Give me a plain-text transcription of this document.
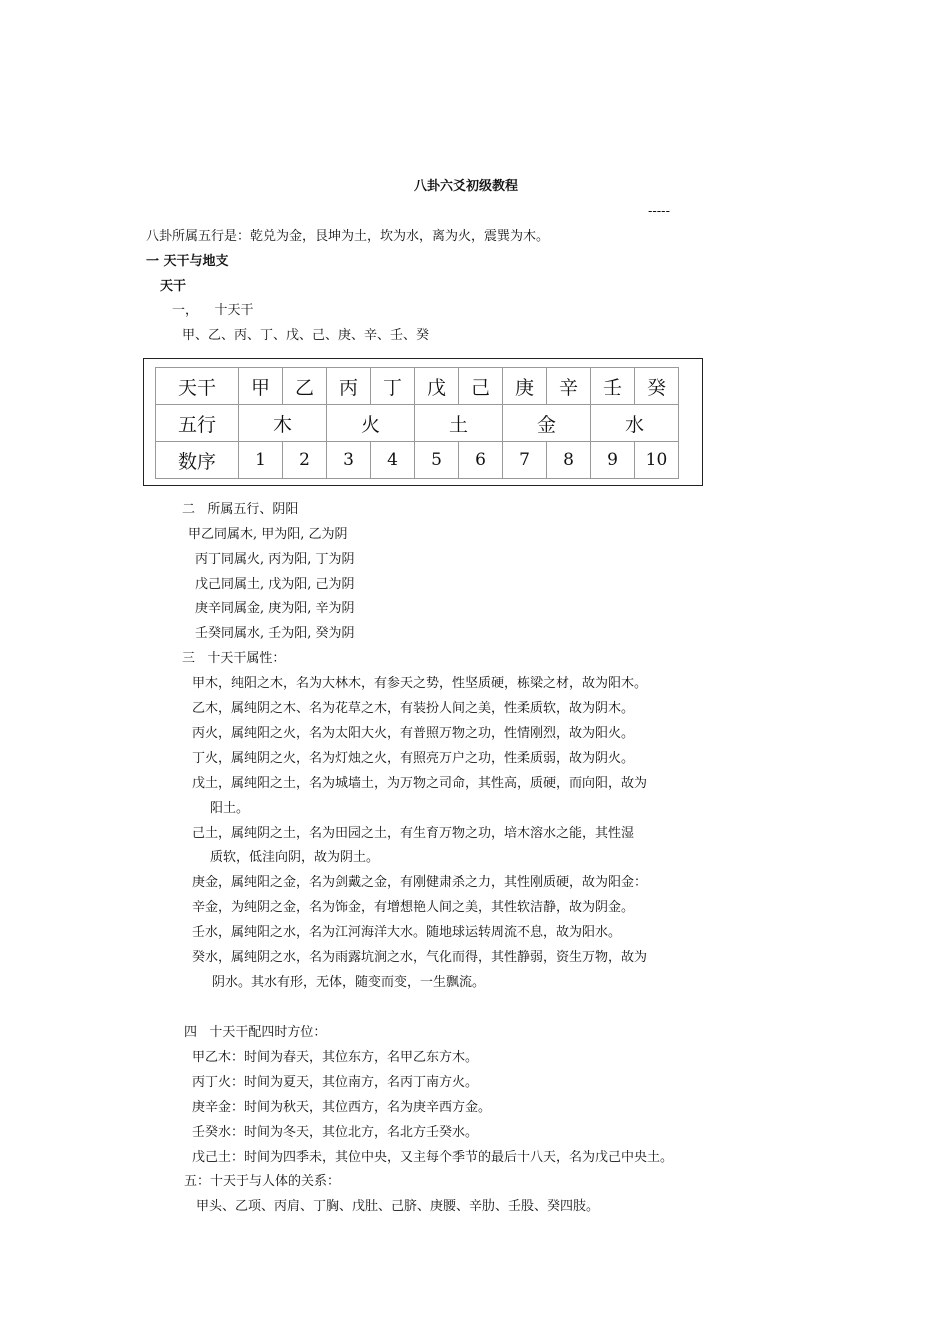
八卦六爻初级教程
-----
八卦所属五行是：乾兑为金，艮坤为土，坎为水，离为火，震巽为木。
一 天干与地支
天干
一，    十天干
甲、乙、丙、丁、戊、己、庚、辛、壬、癸
天干	甲	乙	丙	丁	戊	己	庚	辛	壬	癸
五行	木		火		土		金		水	
数序	1	2	3	4	5	6	7	8	9	10
二   所属五行、阴阳
甲乙同属木, 甲为阳, 乙为阴
丙丁同属火, 丙为阳, 丁为阴
戊己同属土, 戊为阳, 己为阴
庚辛同属金, 庚为阳, 辛为阴
壬癸同属水, 壬为阳, 癸为阴
三   十天干属性：
甲木，纯阳之木，名为大林木，有参天之势，性坚质硬，栋梁之材，故为阳木。
乙木，属纯阴之木、名为花草之木，有装扮人间之美，性柔质软，故为阴木。
丙火，属纯阳之火，名为太阳大火，有普照万物之功，性情刚烈，故为阳火。
丁火，属纯阴之火，名为灯烛之火，有照亮万户之功，性柔质弱，故为阴火。
戊土，属纯阳之土，名为城墙土，为万物之司命，其性高，质硬，而向阳，故为
阳土。
己土，属纯阴之土，名为田园之土，有生育万物之功，培木溶水之能，其性湿
质软，低洼向阴，故为阴土。
庚金，属纯阳之金，名为剑戴之金，有刚健肃杀之力，其性刚质硬，故为阳金：
辛金，为纯阴之金，名为饰金，有增想艳人间之美，其性软洁静，故为阴金。
壬水，属纯阳之水，名为江河海洋大水。随地球运转周流不息，故为阳水。
癸水，属纯阴之水，名为雨露坑涧之水，气化而得，其性静弱，资生万物，故为
阴水。其水有形，无体，随变而变，一生飘流。
四   十天干配四时方位：
甲乙木：时间为春天，其位东方，名甲乙东方木。
丙丁火：时间为夏天，其位南方，名丙丁南方火。
庚辛金：时间为秋天，其位西方，名为庚辛西方金。
壬癸水：时间为冬天，其位北方，名北方壬癸水。
戊己土：时间为四季未，其位中央，又主每个季节的最后十八天，名为戊己中央土。
五：十天于与人体的关系：
甲头、乙项、丙肩、丁胸、戊肚、己脐、庚腰、辛肋、壬股、癸四肢。
